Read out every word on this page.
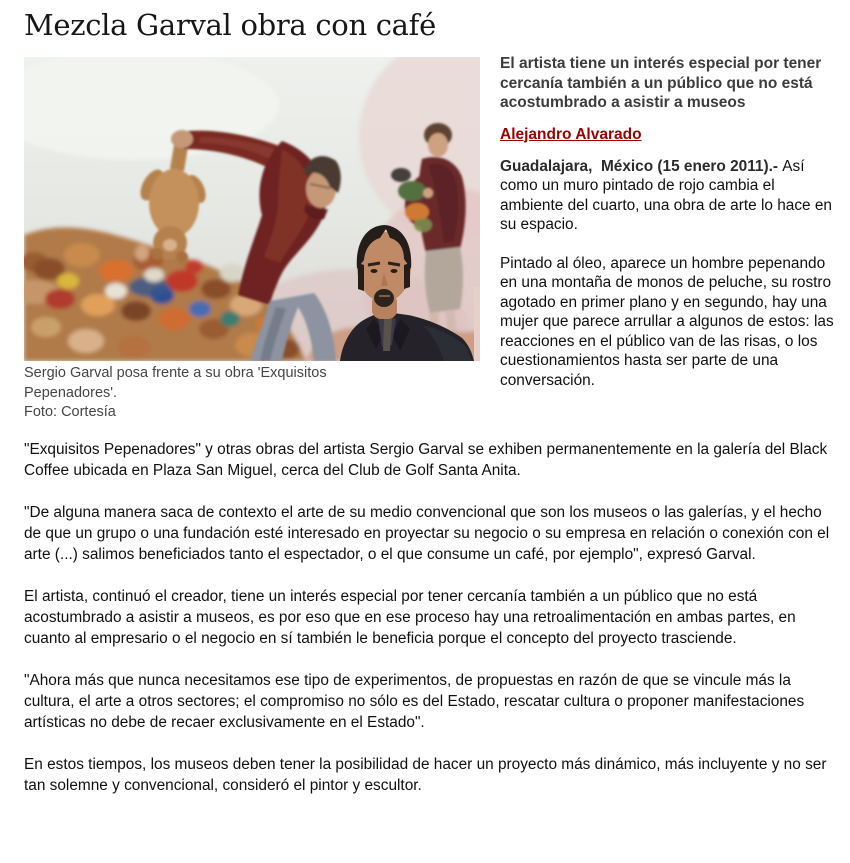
Mezcla Garval obra con café
Sergio Garval posa frente a su obra 'Exquisitos Pepenadores'.
Foto: Cortesía

El artista tiene un interés especial por tener cercanía también a un público que no está acostumbrado a asistir a museos

Alejandro Alvarado

Guadalajara,  México (15 enero 2011).- Así como un muro pintado de rojo cambia el ambiente del cuarto, una obra de arte lo hace en su espacio.

Pintado al óleo, aparece un hombre pepenando en una montaña de monos de peluche, su rostro agotado en primer plano y en segundo, hay una mujer que parece arrullar a algunos de estos: las reacciones en el público van de las risas, o los cuestionamientos hasta ser parte de una conversación.

"Exquisitos Pepenadores" y otras obras del artista Sergio Garval se exhiben permanentemente en la galería del Black Coffee ubicada en Plaza San Miguel, cerca del Club de Golf Santa Anita.

"De alguna manera saca de contexto el arte de su medio convencional que son los museos o las galerías, y el hecho de que un grupo o una fundación esté interesado en proyectar su negocio o su empresa en relación o conexión con el arte (...) salimos beneficiados tanto el espectador, o el que consume un café, por ejemplo", expresó Garval.

El artista, continuó el creador, tiene un interés especial por tener cercanía también a un público que no está acostumbrado a asistir a museos, es por eso que en ese proceso hay una retroalimentación en ambas partes, en cuanto al empresario o el negocio en sí también le beneficia porque el concepto del proyecto trasciende.

"Ahora más que nunca necesitamos ese tipo de experimentos, de propuestas en razón de que se vincule más la cultura, el arte a otros sectores; el compromiso no sólo es del Estado, rescatar cultura o proponer manifestaciones artísticas no debe de recaer exclusivamente en el Estado".

En estos tiempos, los museos deben tener la posibilidad de hacer un proyecto más dinámico, más incluyente y no ser tan solemne y convencional, consideró el pintor y escultor.
